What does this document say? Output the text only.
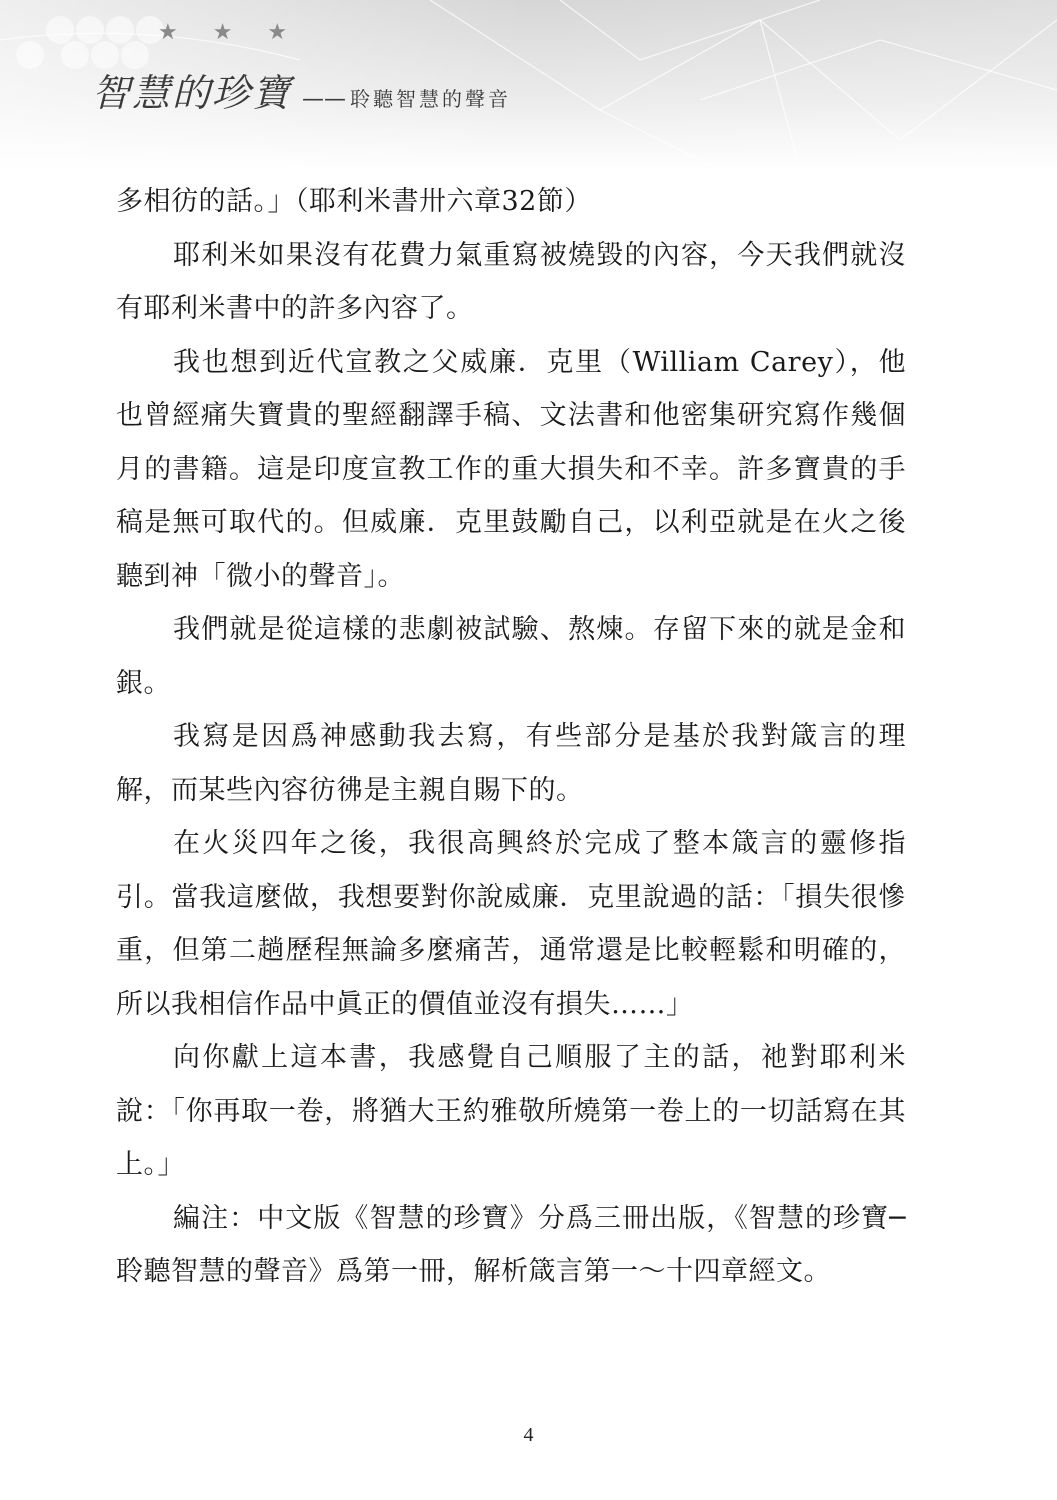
★ ★ ★
智慧的珍寶 —— 聆聽智慧的聲音

多相彷的話。」（耶利米書卅六章32節）

耶利米如果沒有花費力氣重寫被燒毀的內容，今天我們就沒有耶利米書中的許多內容了。

我也想到近代宣教之父威廉．克里（William Carey），他也曾經痛失寶貴的聖經翻譯手稿、文法書和他密集研究寫作幾個月的書籍。這是印度宣教工作的重大損失和不幸。許多寶貴的手稿是無可取代的。但威廉．克里鼓勵自己，以利亞就是在火之後聽到神「微小的聲音」。

我們就是從這樣的悲劇被試驗、熬煉。存留下來的就是金和銀。

我寫是因爲神感動我去寫，有些部分是基於我對箴言的理解，而某些內容彷彿是主親自賜下的。

在火災四年之後，我很高興終於完成了整本箴言的靈修指引。當我這麼做，我想要對你說威廉．克里說過的話：「損失很慘重，但第二趟歷程無論多麼痛苦，通常還是比較輕鬆和明確的，所以我相信作品中眞正的價值並沒有損失……」

向你獻上這本書，我感覺自己順服了主的話，祂對耶利米說：「你再取一卷，將猶大王約雅敬所燒第一卷上的一切話寫在其上。」

編注：中文版《智慧的珍寶》分爲三冊出版，《智慧的珍寶─聆聽智慧的聲音》爲第一冊，解析箴言第一～十四章經文。

4
